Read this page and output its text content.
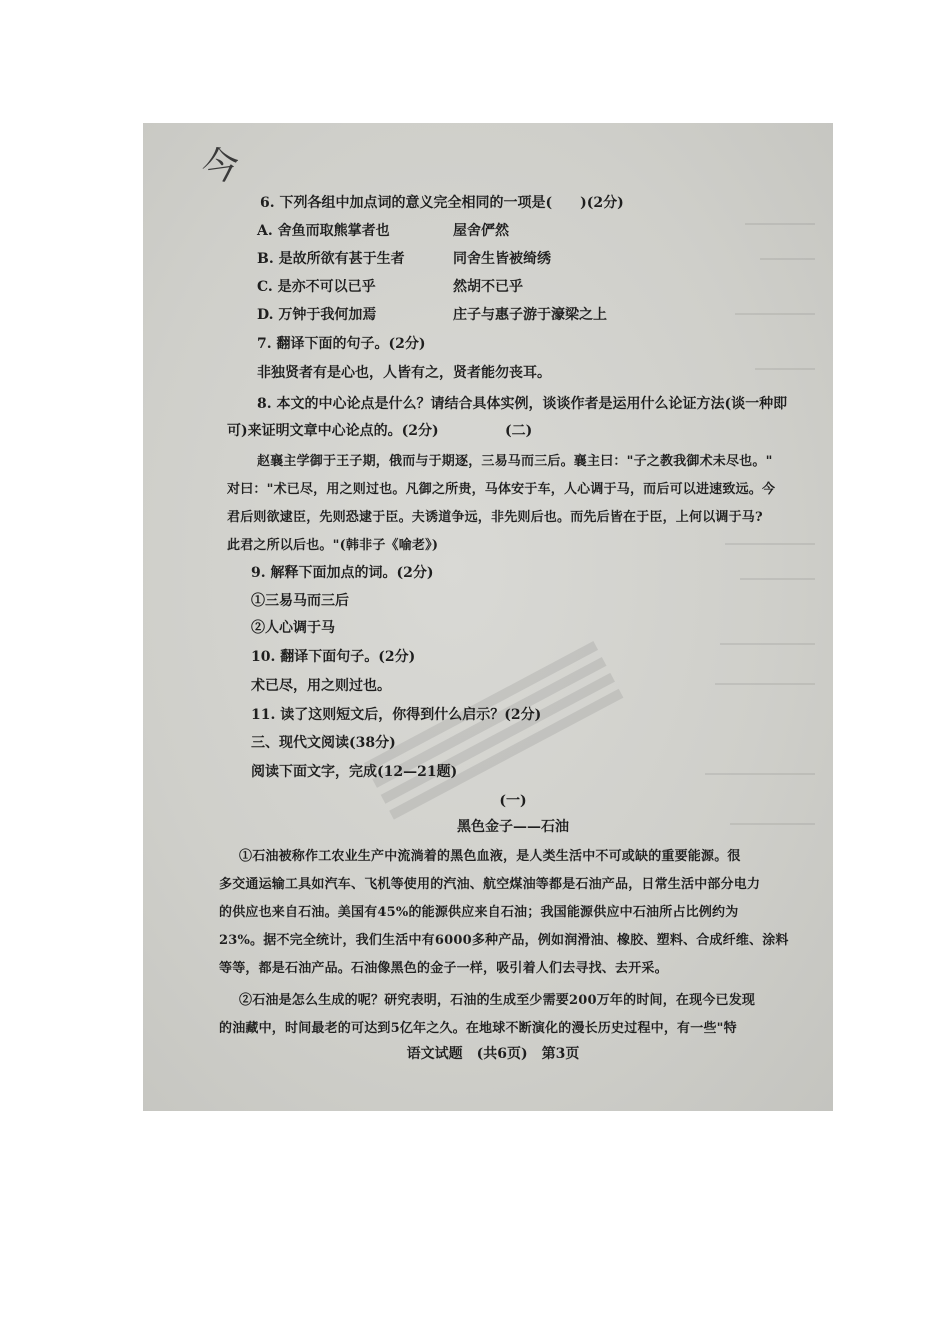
今
6. 下列各组中加点词的意义完全相同的一项是(　　)(2分)
A. 舍鱼而取熊掌者也	屋舍俨然
B. 是故所欲有甚于生者	同舍生皆被绮绣
C. 是亦不可以已乎	然胡不已乎
D. 万钟于我何加焉	庄子与惠子游于濠梁之上
7. 翻译下面的句子。(2分)
非独贤者有是心也，人皆有之，贤者能勿丧耳。
8. 本文的中心论点是什么？请结合具体实例，谈谈作者是运用什么论证方法(谈一种即
可)来证明文章中心论点的。(2分)	(二)
赵襄主学御于王子期，俄而与于期逐，三易马而三后。襄主曰："子之教我御术未尽也。"
对曰："术已尽，用之则过也。凡御之所贵，马体安于车，人心调于马，而后可以进速致远。今
君后则欲逮臣，先则恐逮于臣。夫诱道争远，非先则后也。而先后皆在于臣，上何以调于马?
此君之所以后也。"(韩非子《喻老》)
9. 解释下面加点的词。(2分)
①三易马而三后
②人心调于马
10. 翻译下面句子。(2分)
术已尽，用之则过也。
11. 读了这则短文后，你得到什么启示？(2分)
三、现代文阅读(38分)
阅读下面文字，完成(12—21题)
(一)
黑色金子——石油
①石油被称作工农业生产中流淌着的黑色血液，是人类生活中不可或缺的重要能源。很
多交通运输工具如汽车、飞机等使用的汽油、航空煤油等都是石油产品，日常生活中部分电力
的供应也来自石油。美国有45%的能源供应来自石油；我国能源供应中石油所占比例约为
23%。据不完全统计，我们生活中有6000多种产品，例如润滑油、橡胶、塑料、合成纤维、涂料
等等，都是石油产品。石油像黑色的金子一样，吸引着人们去寻找、去开采。
②石油是怎么生成的呢？研究表明，石油的生成至少需要200万年的时间，在现今已发现
的油藏中，时间最老的可达到5亿年之久。在地球不断演化的漫长历史过程中，有一些"特
语文试题　(共6页)　第3页
